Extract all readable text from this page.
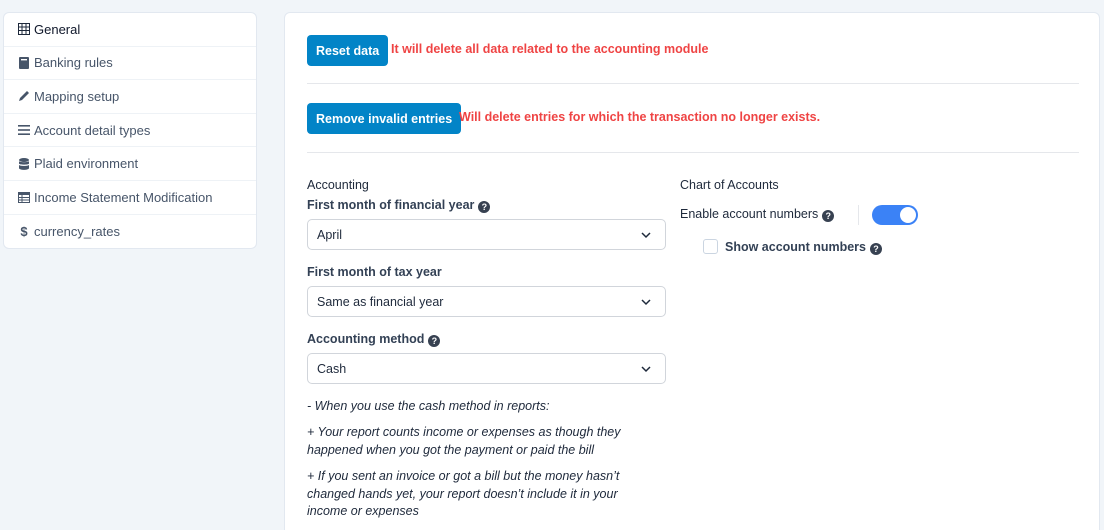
General
Banking rules
Mapping setup
Account detail types
Plaid environment
Income Statement Modification
$ currency_rates
Reset data It will delete all data related to the accounting module
Remove invalid entries Will delete entries for which the transaction no longer exists.
Accounting
First month of financial year ?
April
First month of tax year
Same as financial year
Accounting method ?
Cash
- When you use the cash method in reports:
+ Your report counts income or expenses as though they happened when you got the payment or paid the bill
+ If you sent an invoice or got a bill but the money hasn’t changed hands yet, your report doesn’t include it in your income or expenses
Chart of Accounts
Enable account numbers ?
Show account numbers ?
